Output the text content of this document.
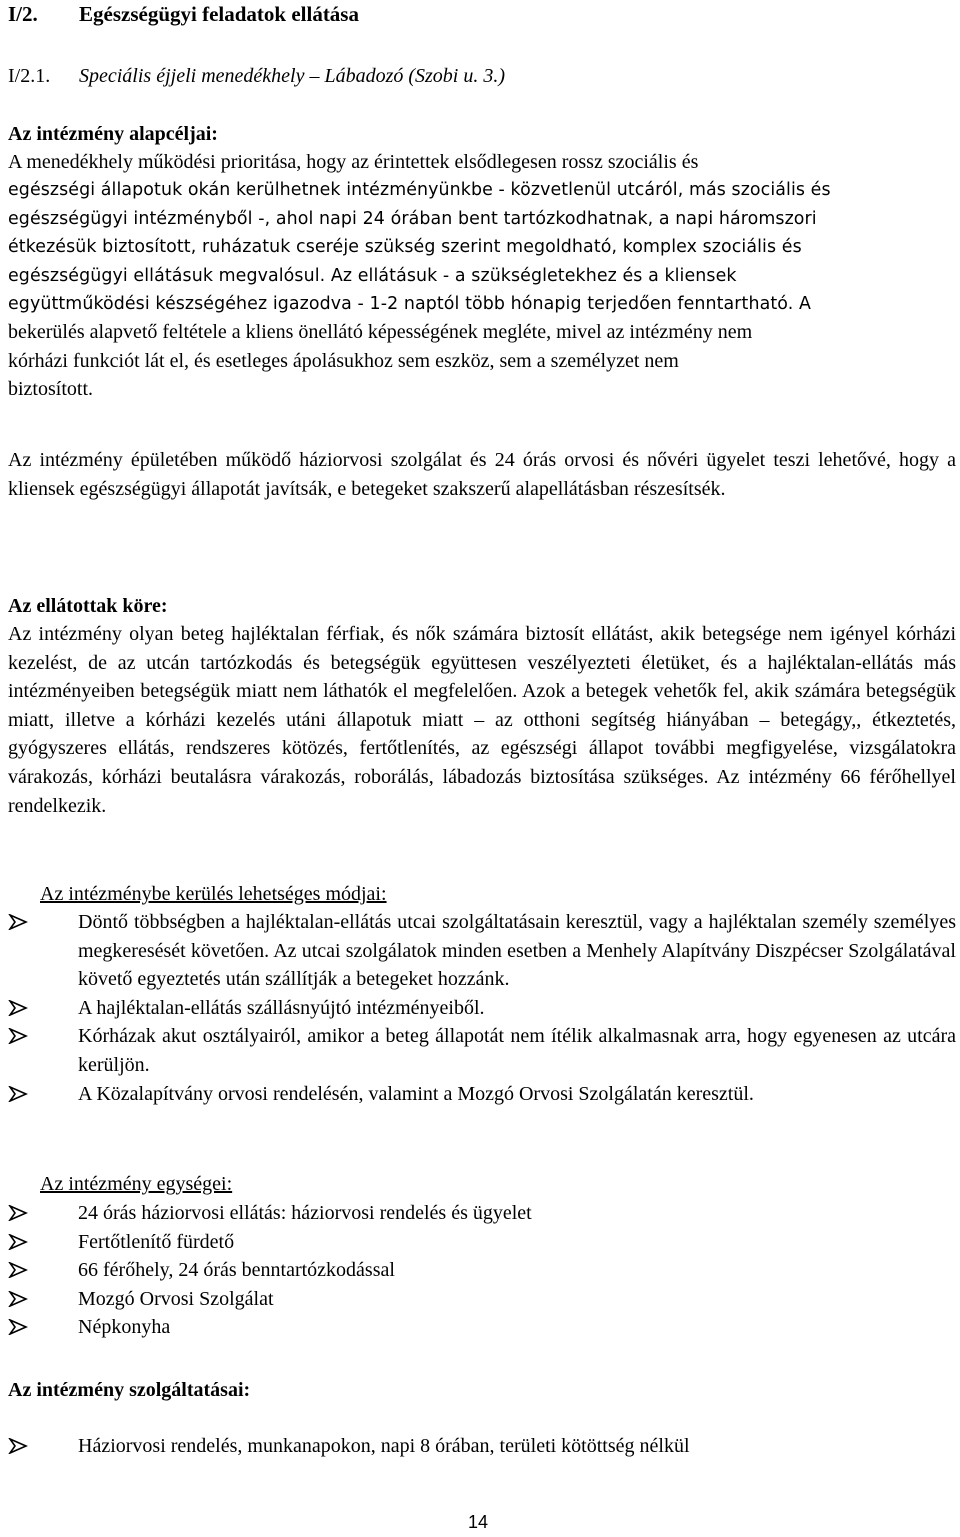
I/2. Egészségügyi feladatok ellátása
I/2.1. Speciális éjjeli menedékhely – Lábadozó (Szobi u. 3.)
Az intézmény alapcéljai:
A menedékhely működési prioritása, hogy az érintettek elsődlegesen rossz szociális és
egészségi állapotuk okán kerülhetnek intézményünkbe - közvetlenül utcáról, más szociális és
egészségügyi intézményből -, ahol napi 24 órában bent tartózkodhatnak, a napi háromszori
étkezésük biztosított, ruházatuk cseréje szükség szerint megoldható, komplex szociális és
egészségügyi ellátásuk megvalósul. Az ellátásuk - a szükségletekhez és a kliensek
együttműködési készségéhez igazodva - 1-2 naptól több hónapig terjedően fenntartható. A
bekerülés alapvető feltétele a kliens önellátó képességének megléte, mivel az intézmény nem
kórházi funkciót lát el, és esetleges ápolásukhoz sem eszköz, sem a személyzet nem
biztosított.
Az intézmény épületében működő háziorvosi szolgálat és 24 órás orvosi és nővéri ügyelet teszi lehetővé, hogy a kliensek egészségügyi állapotát javítsák, e betegeket szakszerű alapellátásban részesítsék.
Az ellátottak köre:
Az intézmény olyan beteg hajléktalan férfiak, és nők számára biztosít ellátást, akik betegsége nem igényel kórházi kezelést, de az utcán tartózkodás és betegségük együttesen veszélyezteti életüket, és a hajléktalan-ellátás más intézményeiben betegségük miatt nem láthatók el megfelelően. Azok a betegek vehetők fel, akik számára betegségük miatt, illetve a kórházi kezelés utáni állapotuk miatt – az otthoni segítség hiányában – betegágy,, étkeztetés, gyógyszeres ellátás, rendszeres kötözés, fertőtlenítés, az egészségi állapot további megfigyelése, vizsgálatokra várakozás, kórházi beutalásra várakozás, roborálás, lábadozás biztosítása szükséges. Az intézmény 66 férőhellyel rendelkezik.
Az intézménybe kerülés lehetséges módjai:
Döntő többségben a hajléktalan-ellátás utcai szolgáltatásain keresztül, vagy a hajléktalan személy személyes megkeresését követően. Az utcai szolgálatok minden esetben a Menhely Alapítvány Diszpécser Szolgálatával követő egyeztetés után szállítják a betegeket hozzánk.
A hajléktalan-ellátás szállásnyújtó intézményeiből.
Kórházak akut osztályairól, amikor a beteg állapotát nem ítélik alkalmasnak arra, hogy egyenesen az utcára kerüljön.
A Közalapítvány orvosi rendelésén, valamint a Mozgó Orvosi Szolgálatán keresztül.
Az intézmény egységei:
24 órás háziorvosi ellátás: háziorvosi rendelés és ügyelet
Fertőtlenítő fürdető
66 férőhely, 24 órás benntartózkodással
Mozgó Orvosi Szolgálat
Népkonyha
Az intézmény szolgáltatásai:
Háziorvosi rendelés, munkanapokon, napi 8 órában, területi kötöttség nélkül
14
